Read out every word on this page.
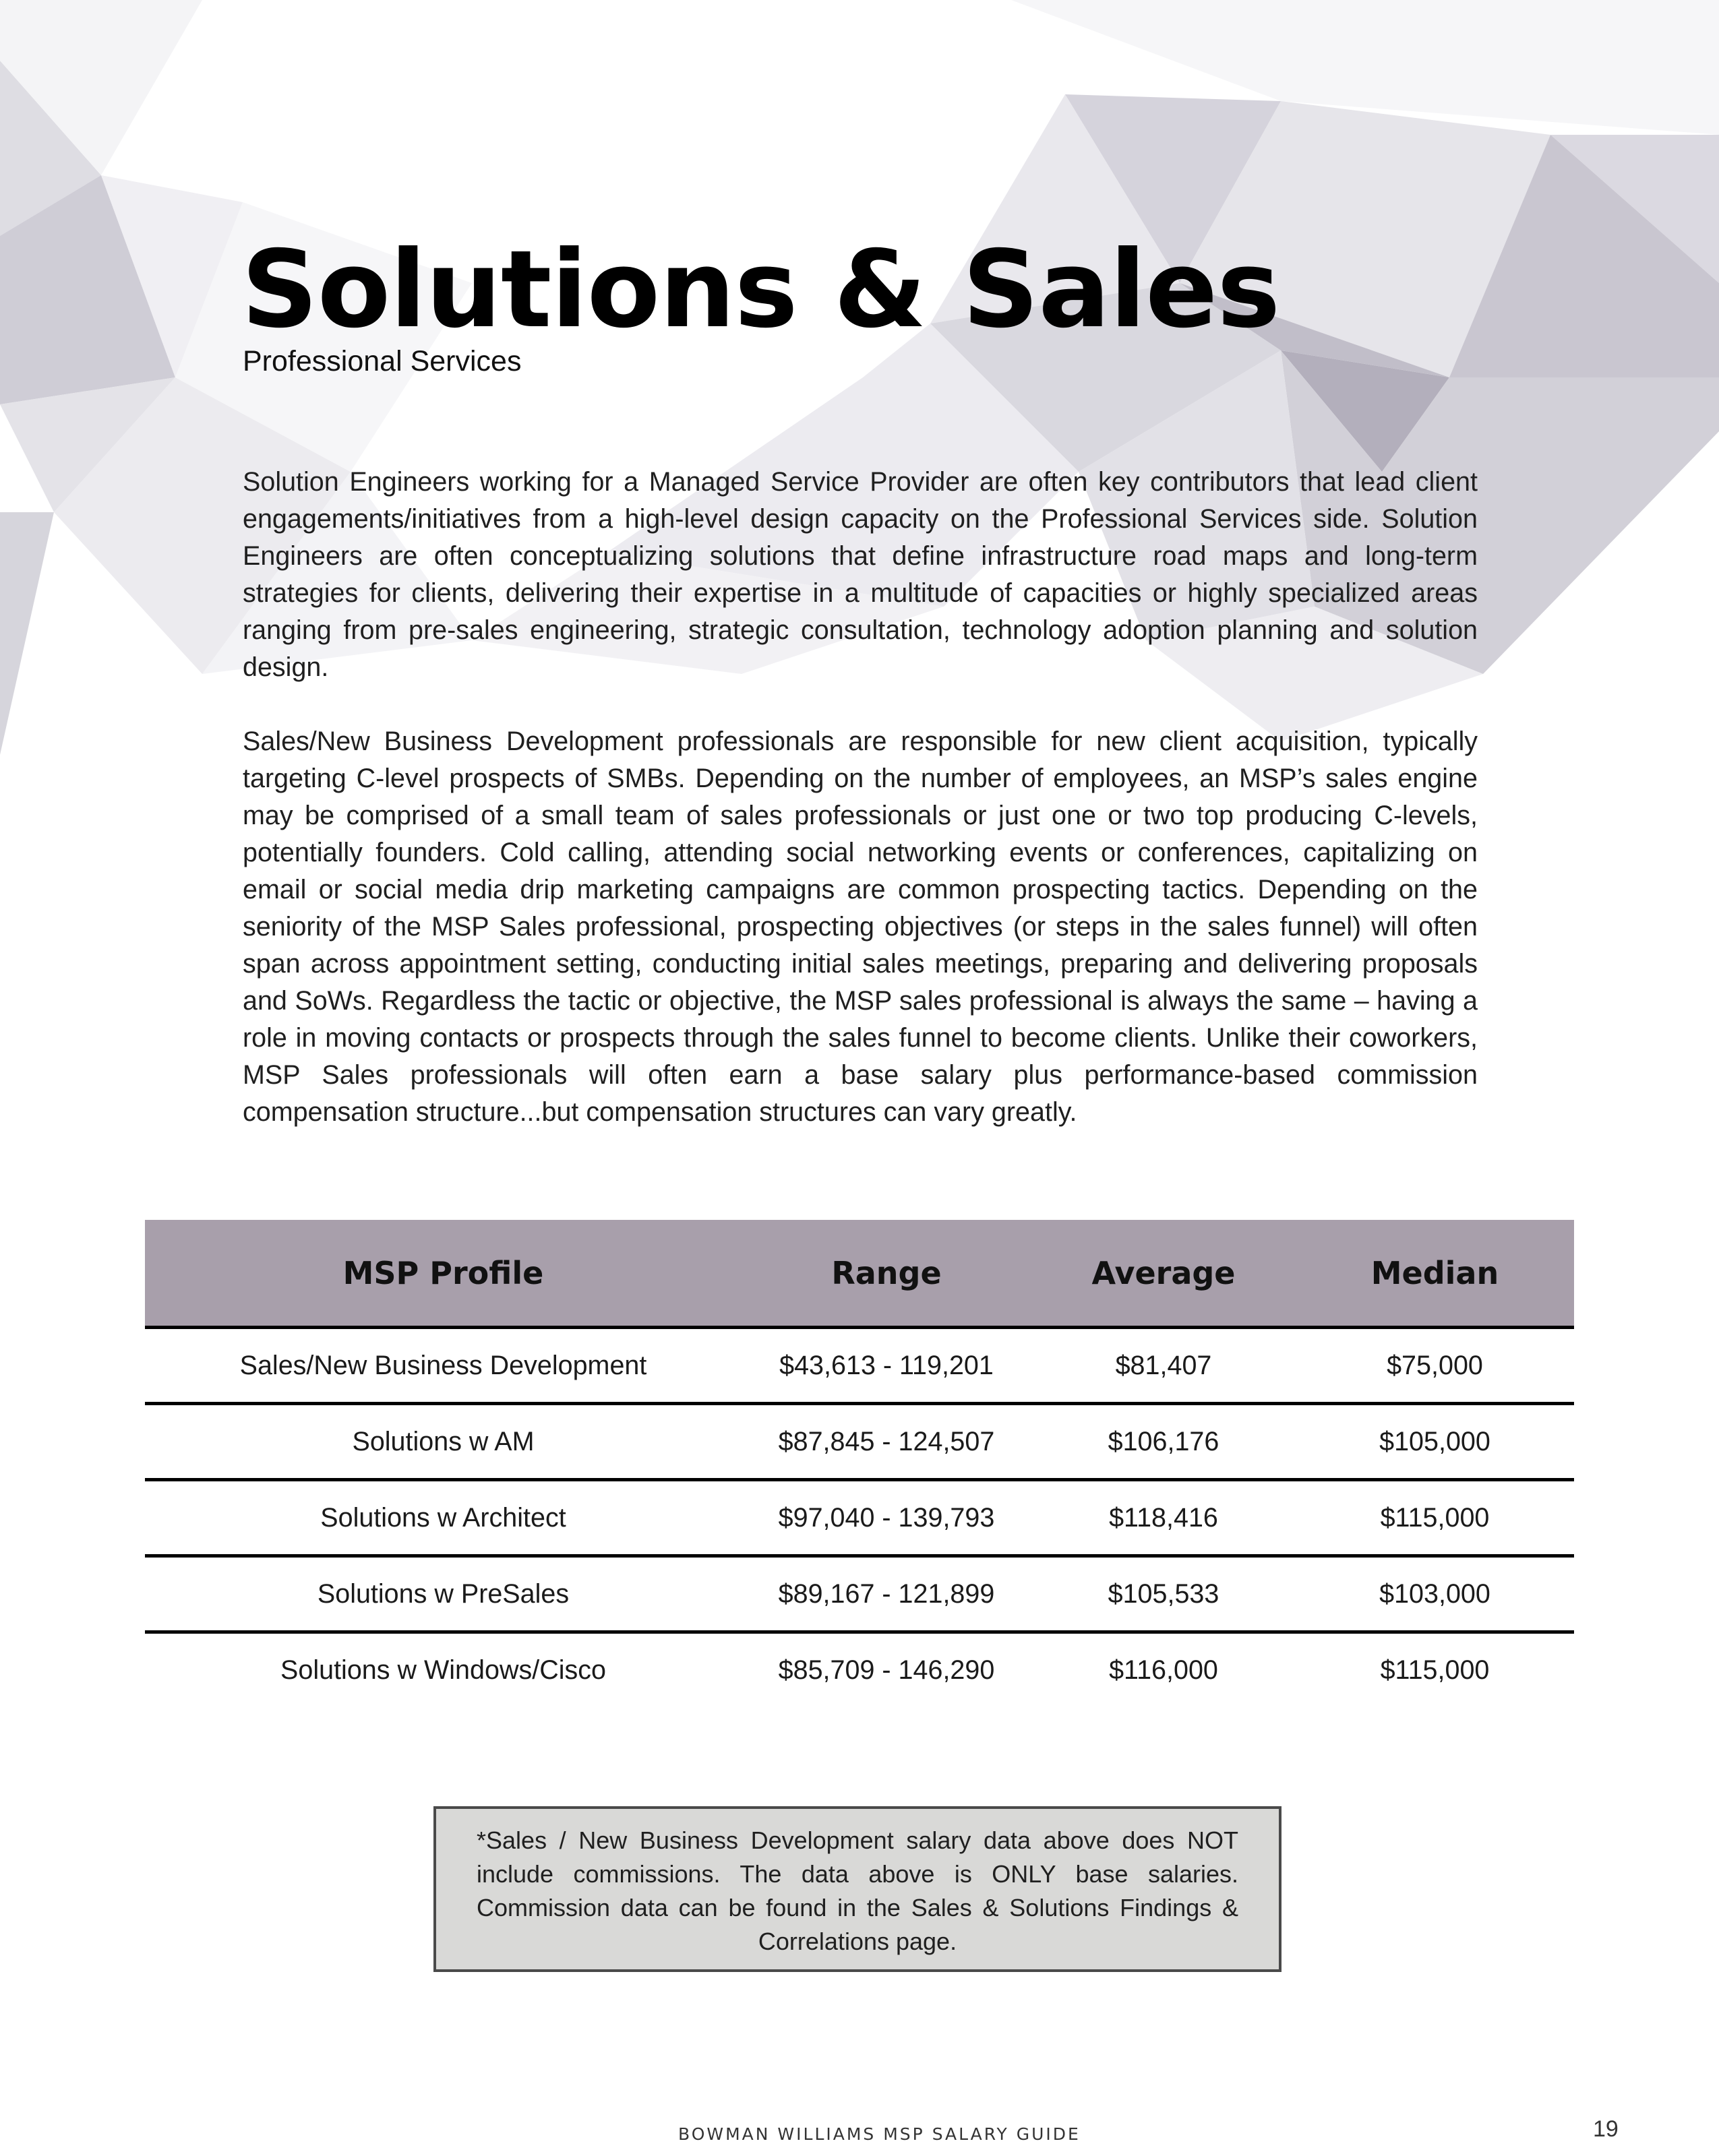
Solutions & Sales
Professional Services

Solution Engineers working for a Managed Service Provider are often key contributors that lead client engagements/initiatives from a high-level design capacity on the Professional Services side. Solution Engineers are often conceptualizing solutions that define infrastructure road maps and long-term strategies for clients, delivering their expertise in a multitude of capacities or highly specialized areas ranging from pre-sales engineering, strategic consultation, technology adoption planning and solution design.

Sales/New Business Development professionals are responsible for new client acquisition, typically targeting C-level prospects of SMBs. Depending on the number of employees, an MSP’s sales engine may be comprised of a small team of sales professionals or just one or two top producing C-levels, potentially founders. Cold calling, attending social networking events or conferences, capitalizing on email or social media drip marketing campaigns are common prospecting tactics. Depending on the seniority of the MSP Sales professional, prospecting objectives (or steps in the sales funnel) will often span across appointment setting, conducting initial sales meetings, preparing and delivering proposals and SoWs. Regardless the tactic or objective, the MSP sales professional is always the same – having a role in moving contacts or prospects through the sales funnel to become clients. Unlike their coworkers, MSP Sales professionals will often earn a base salary plus performance-based commission compensation structure...but compensation structures can vary greatly.

MSP Profile	Range	Average	Median
Sales/New Business Development	$43,613 - 119,201	$81,407	$75,000
Solutions w AM	$87,845 - 124,507	$106,176	$105,000
Solutions w Architect	$97,040 - 139,793	$118,416	$115,000
Solutions w PreSales	$89,167 - 121,899	$105,533	$103,000
Solutions w Windows/Cisco	$85,709 - 146,290	$116,000	$115,000
*Sales / New Business Development salary data above does NOT include commissions. The data above is ONLY base salaries. Commission data can be found in the Sales & Solutions Findings & Correlations page.
BOWMAN WILLIAMS MSP SALARY GUIDE	19
